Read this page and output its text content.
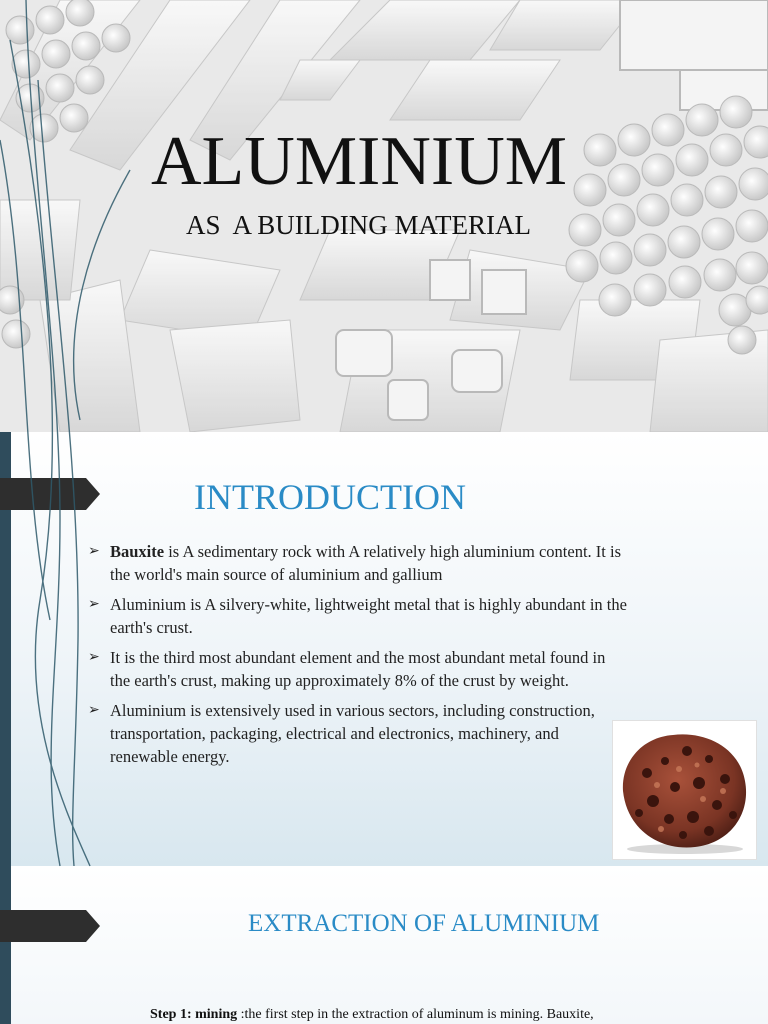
ALUMINIUM
AS  A BUILDING MATERIAL
INTRODUCTION
➢ Bauxite is A sedimentary rock with A relatively high aluminium content. It is the world's main source of aluminium and gallium
➢ Aluminium is A silvery-white, lightweight metal that is highly abundant in the earth's crust.
➢ It is the third most abundant element and the most abundant metal found in the earth's crust, making up approximately 8% of the crust by weight.
➢ Aluminium is extensively used in various sectors, including construction, transportation, packaging, electrical and electronics, machinery, and renewable energy.
EXTRACTION OF ALUMINIUM
Step 1: mining :the first step in the extraction of aluminum is mining. Bauxite,
